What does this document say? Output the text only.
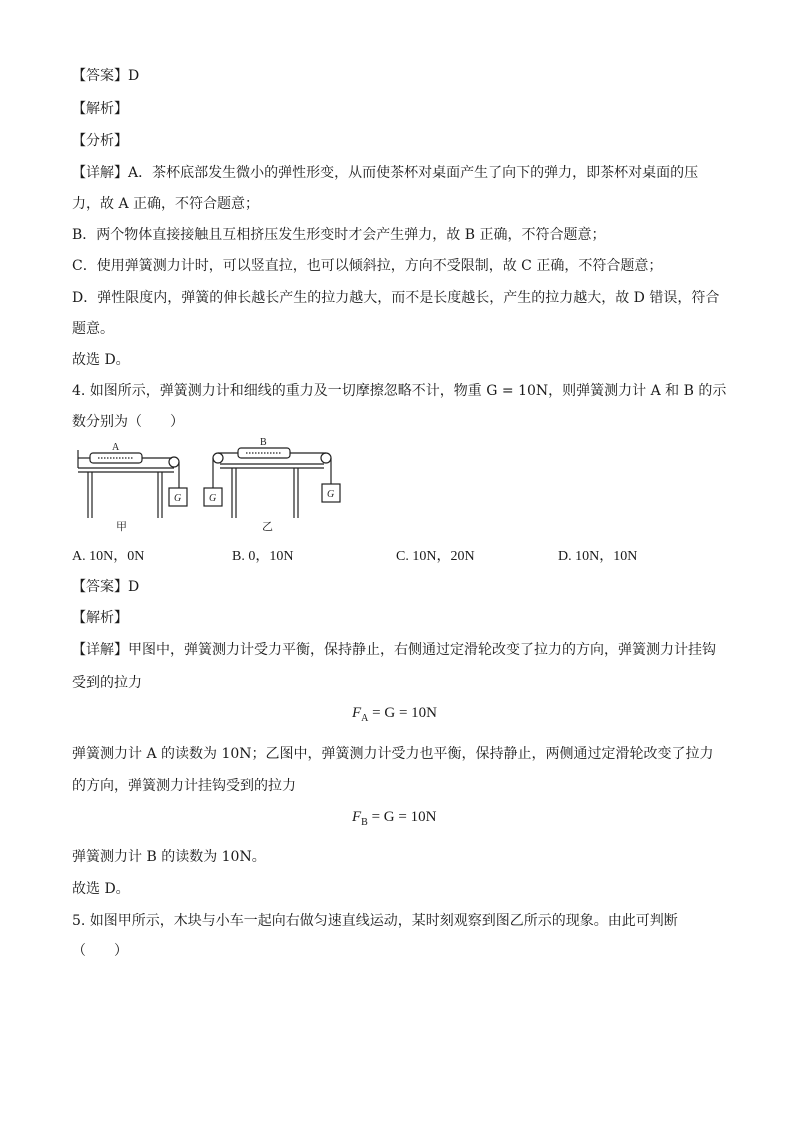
【答案】D
【解析】
【分析】
【详解】A．茶杯底部发生微小的弹性形变，从而使茶杯对桌面产生了向下的弹力，即茶杯对桌面的压
力，故 A 正确，不符合题意；
B．两个物体直接接触且互相挤压发生形变时才会产生弹力，故 B 正确，不符合题意；
C．使用弹簧测力计时，可以竖直拉，也可以倾斜拉，方向不受限制，故 C 正确，不符合题意；
D．弹性限度内，弹簧的伸长越长产生的拉力越大，而不是长度越长，产生的拉力越大，故 D 错误，符合
题意。
故选 D。
4. 如图所示，弹簧测力计和细线的重力及一切摩擦忽略不计，物重 G = 10N，则弹簧测力计 A 和 B 的示
数分别为（　　）
A	B
G	G	G
甲	乙
A. 10N，0N	B. 0，10N	C. 10N，20N	D. 10N，10N
【答案】D
【解析】
【详解】甲图中，弹簧测力计受力平衡，保持静止，右侧通过定滑轮改变了拉力的方向，弹簧测力计挂钩
受到的拉力
$F_A = G = 10N$
弹簧测力计 A 的读数为 10N；乙图中，弹簧测力计受力也平衡，保持静止，两侧通过定滑轮改变了拉力
的方向，弹簧测力计挂钩受到的拉力
$F_B = G = 10N$
弹簧测力计 B 的读数为 10N。
故选 D。
5. 如图甲所示，木块与小车一起向右做匀速直线运动，某时刻观察到图乙所示的现象。由此可判断
（　　）
